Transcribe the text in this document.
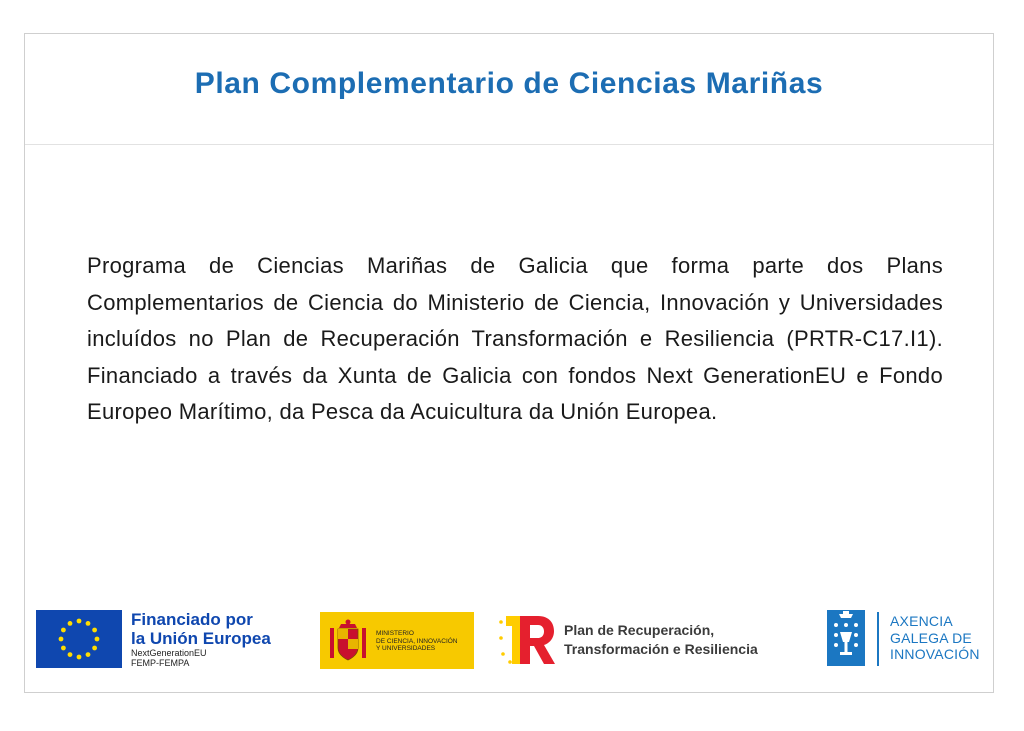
Plan Complementario de Ciencias Mariñas

Programa de Ciencias Mariñas de Galicia que forma parte dos Plans Complementarios de Ciencia do Ministerio de Ciencia, Innovación y Universidades incluídos no Plan de Recuperación Transformación e Resiliencia (PRTR-C17.I1). Financiado a través da Xunta de Galicia con fondos Next GenerationEU e Fondo Europeo Marítimo, da Pesca da Acuicultura da Unión Europea.

Financiado por
la Unión Europea
NextGenerationEU
FEMP-FEMPA
MINISTERIO
DE CIENCIA, INNOVACIÓN
Y UNIVERSIDADES
Plan de Recuperación,
Transformación e Resiliencia
AXENCIA
GALEGA DE
INNOVACIÓN
